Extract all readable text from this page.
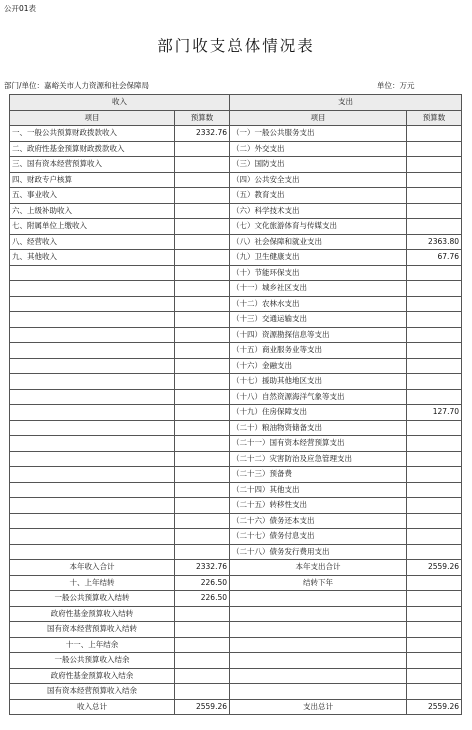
公开01表
部门收支总体情况表
部门/单位：嘉峪关市人力资源和社会保障局	单位：万元
收入		支出	
项目	预算数	项目	预算数
一、一般公共预算财政拨款收入	2332.76	（一）一般公共服务支出	
二、政府性基金预算财政拨款收入		（二）外交支出	
三、国有资本经营预算收入		（三）国防支出	
四、财政专户核算		（四）公共安全支出	
五、事业收入		（五）教育支出	
六、上级补助收入		（六）科学技术支出	
七、附属单位上缴收入		（七）文化旅游体育与传媒支出	
八、经营收入		（八）社会保障和就业支出	2363.80
九、其他收入		（九）卫生健康支出	67.76
		（十）节能环保支出	
		（十一）城乡社区支出	
		（十二）农林水支出	
		（十三）交通运输支出	
		（十四）资源勘探信息等支出	
		（十五）商业服务业等支出	
		（十六）金融支出	
		（十七）援助其他地区支出	
		（十八）自然资源海洋气象等支出	
		（十九）住房保障支出	127.70
		（二十）粮油物资储备支出	
		（二十一）国有资本经营预算支出	
		（二十二）灾害防治及应急管理支出	
		（二十三）预备费	
		（二十四）其他支出	
		（二十五）转移性支出	
		（二十六）债务还本支出	
		（二十七）债务付息支出	
		（二十八）债务发行费用支出	
本年收入合计	2332.76	本年支出合计	2559.26
十、上年结转	226.50	结转下年	
一般公共预算收入结转	226.50		
政府性基金预算收入结转			
国有资本经营预算收入结转			
十一、上年结余			
一般公共预算收入结余			
政府性基金预算收入结余			
国有资本经营预算收入结余			
收入总计	2559.26	支出总计	2559.26
